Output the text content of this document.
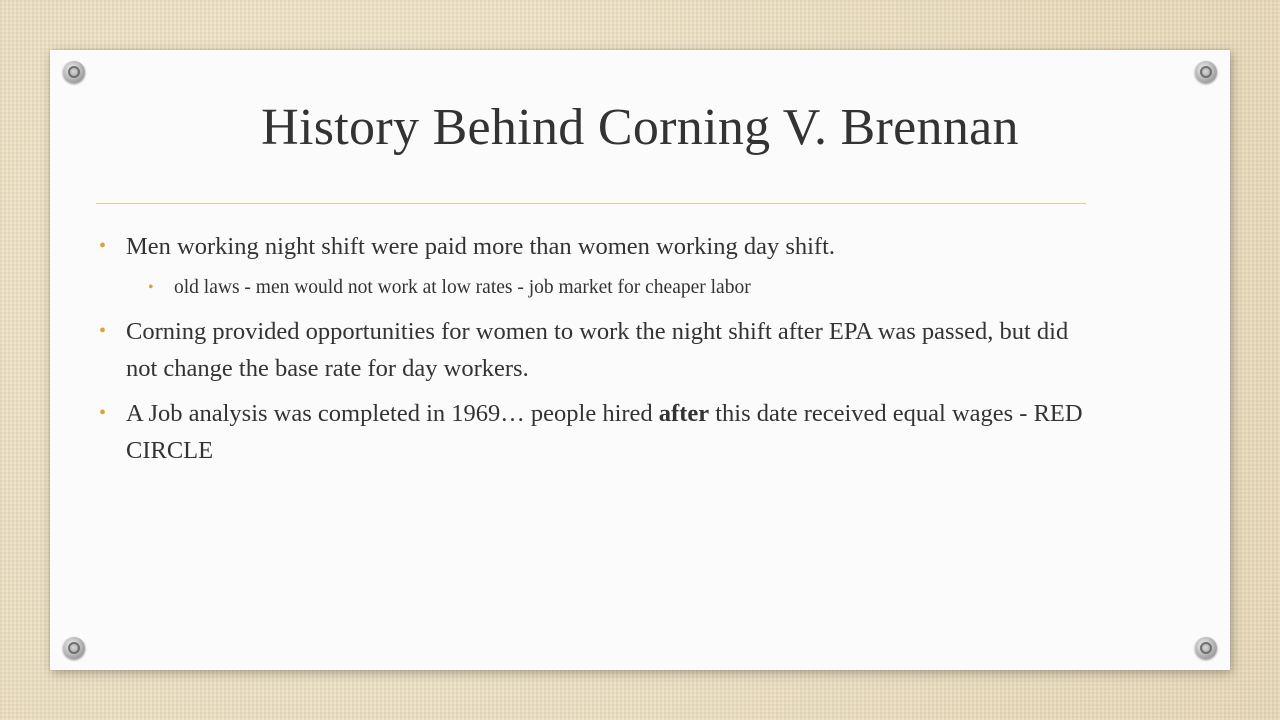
History Behind Corning V. Brennan
• Men working night shift were paid more than women working day shift.
• old laws - men would not work at low rates - job market for cheaper labor
• Corning provided opportunities for women to work the night shift after EPA was passed, but did not change the base rate for day workers.
• A Job analysis was completed in 1969… people hired after this date received equal wages - RED CIRCLE
